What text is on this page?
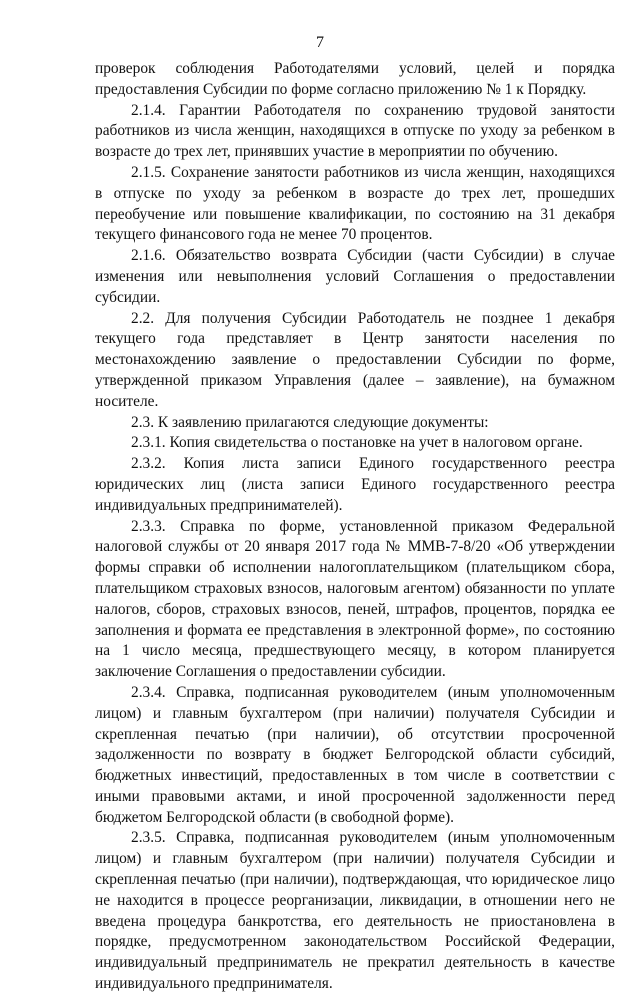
7

проверок соблюдения Работодателями условий, целей и порядка предоставления Субсидии по форме согласно приложению № 1 к Порядку.

2.1.4. Гарантии Работодателя по сохранению трудовой занятости работников из числа женщин, находящихся в отпуске по уходу за ребенком в возрасте до трех лет, принявших участие в мероприятии по обучению.

2.1.5. Сохранение занятости работников из числа женщин, находящихся в отпуске по уходу за ребенком в возрасте до трех лет, прошедших переобучение или повышение квалификации, по состоянию на 31 декабря текущего финансового года не менее 70 процентов.

2.1.6. Обязательство возврата Субсидии (части Субсидии) в случае изменения или невыполнения условий Соглашения о предоставлении субсидии.

2.2. Для получения Субсидии Работодатель не позднее 1 декабря текущего года представляет в Центр занятости населения по местонахождению заявление о предоставлении Субсидии по форме, утвержденной приказом Управления (далее – заявление), на бумажном носителе.

2.3. К заявлению прилагаются следующие документы:

2.3.1. Копия свидетельства о постановке на учет в налоговом органе.

2.3.2. Копия листа записи Единого государственного реестра юридических лиц (листа записи Единого государственного реестра индивидуальных предпринимателей).

2.3.3. Справка по форме, установленной приказом Федеральной налоговой службы от 20 января 2017 года № ММВ-7-8/20 «Об утверждении формы справки об исполнении налогоплательщиком (плательщиком сбора, плательщиком страховых взносов, налоговым агентом) обязанности по уплате налогов, сборов, страховых взносов, пеней, штрафов, процентов, порядка ее заполнения и формата ее представления в электронной форме», по состоянию на 1 число месяца, предшествующего месяцу, в котором планируется заключение Соглашения о предоставлении субсидии.

2.3.4. Справка, подписанная руководителем (иным уполномоченным лицом) и главным бухгалтером (при наличии) получателя Субсидии и скрепленная печатью (при наличии), об отсутствии просроченной задолженности по возврату в бюджет Белгородской области субсидий, бюджетных инвестиций, предоставленных в том числе в соответствии с иными правовыми актами, и иной просроченной задолженности перед бюджетом Белгородской области (в свободной форме).

2.3.5. Справка, подписанная руководителем (иным уполномоченным лицом) и главным бухгалтером (при наличии) получателя Субсидии и скрепленная печатью (при наличии), подтверждающая, что юридическое лицо не находится в процессе реорганизации, ликвидации, в отношении него не введена процедура банкротства, его деятельность не приостановлена в порядке, предусмотренном законодательством Российской Федерации, индивидуальный предприниматель не прекратил деятельность в качестве индивидуального предпринимателя.
